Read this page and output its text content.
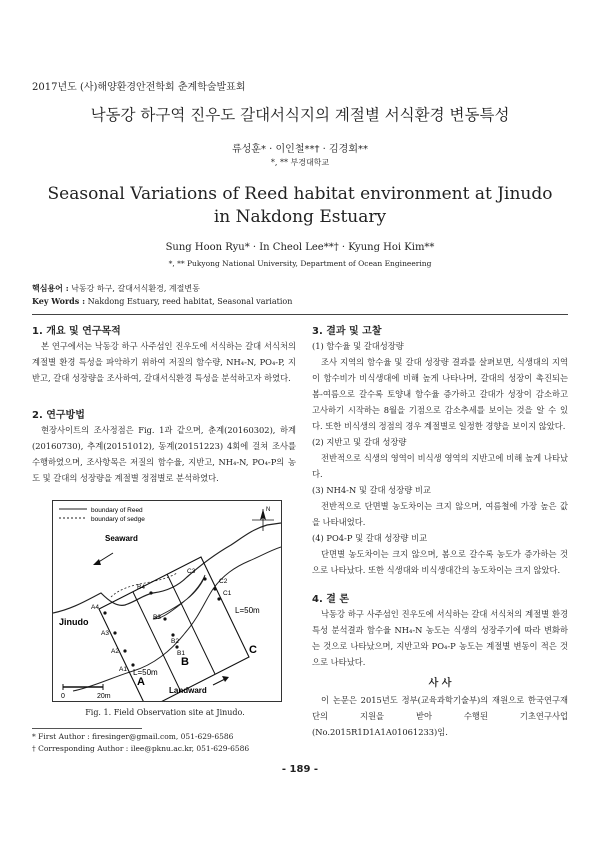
2017년도 (사)해양환경안전학회 춘계학술발표회
낙동강 하구역 진우도 갈대서식지의 계절별 서식환경 변동특성
류성훈* · 이인철**† · 김경회**
*, ** 부경대학교
Seasonal Variations of Reed habitat environment at Jinudo in Nakdong Estuary
Sung Hoon Ryu* · In Cheol Lee**† · Kyung Hoi Kim**
*, ** Pukyong National University, Department of Ocean Engineering
핵심용어 : 낙동강 하구, 갈대서식환경, 계절변동
Key Words : Nakdong Estuary, reed habitat, Seasonal variation
1. 개요 및 연구목적

본 연구에서는 낙동강 하구 사주섬인 진우도에 서식하는 갈대 서식처의 계절별 환경 특성을 파악하기 위하여 저질의 함수량, NH₄-N, PO₄-P, 지반고, 갈대 성장량을 조사하여, 갈대서식환경 특성을 분석하고자 하였다.

2. 연구방법

현장사이트의 조사정점은 Fig. 1과 같으며, 춘계(20160302), 하계(20160730), 추계(20151012), 동계(20151223) 4회에 걸쳐 조사를 수행하였으며, 조사항목은 저질의 함수율, 지반고, NH₄-N, PO₄-P의 농도 및 갈대의 성장량을 계절별 정점별로 분석하였다.

boundary of Reed
boundary of sedge
Seaward
Landward
N
Jinudo
L=50m
L=50m
A
B
C
A4
A3
A2
A1
B4
B3
B2
B1
C3
C2
C1
0	20m
Fig. 1. Field Observation site at Jinudo.
* First Author : firesinger@gmail.com, 051-629-6586
† Corresponding Author : ilee@pknu.ac.kr, 051-629-6586
3. 결과 및 고찰
(1) 함수율 및 갈대성장량

조사 지역의 함수율 및 갈대 성장량 결과를 살펴보면, 식생대의 지역이 함수비가 비식생대에 비해 높게 나타나며, 갈대의 성장이 촉진되는 봄-여름으로 갈수록 토양내 함수율 증가하고 갈대가 성장이 감소하고 고사하기 시작하는 8월을 기점으로 감소추세를 보이는 것을 알 수 있다. 또한 비식생의 정점의 경우 계절별로 일정한 경향을 보이지 않았다.

(2) 지반고 및 갈대 성장량

전반적으로 식생의 영역이 비식생 영역의 지반고에 비해 높게 나타났다.

(3) NH4-N 및 갈대 성장량 비교

전반적으로 단면별 농도차이는 크지 않으며, 여름철에 가장 높은 값을 나타내었다.

(4) PO4-P 및 갈대 성장량 비교

단면별 농도차이는 크지 않으며, 봄으로 갈수록 농도가 증가하는 것으로 나타났다. 또한 식생대와 비식생대간의 농도차이는 크지 않았다.

4. 결 론

낙동강 하구 사주섬인 진우도에 서식하는 갈대 서식처의 계절별 환경 특성 분석결과 함수율 NH₄-N 농도는 식생의 성장주기에 따라 변화하는 것으로 나타났으며, 지반고와 PO₄-P 농도는 계절별 변동이 적은 것으로 나타났다.

사 사

이 논문은 2015년도 정부(교육과학기술부)의 재원으로 한국연구재단의 지원을 받아 수행된 기초연구사업 (No.2015R1D1A1A01061233)임.

- 189 -
